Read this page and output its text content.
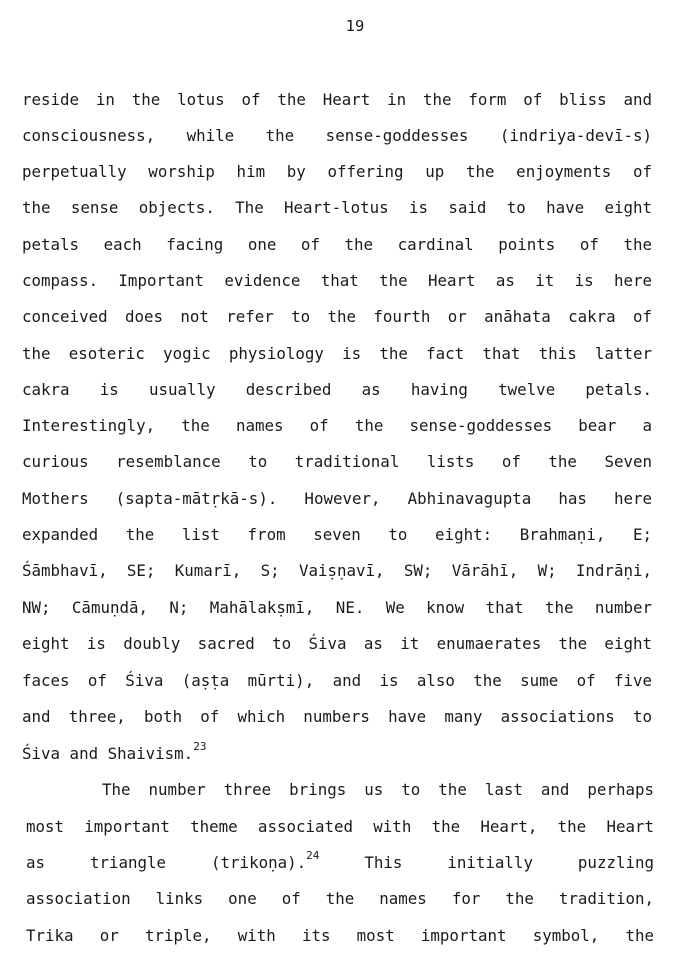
19
reside in the lotus of the Heart in the form of bliss and
consciousness, while the sense-goddesses (indriya-devī-s)
perpetually worship him by offering up the enjoyments of
the sense objects. The Heart-lotus is said to have eight
petals each facing one of the cardinal points of the
compass. Important evidence that the Heart as it is here
conceived does not refer to the fourth or anāhata cakra of
the esoteric yogic physiology is the fact that this latter
cakra is usually described as having twelve petals.
Interestingly, the names of the sense-goddesses bear a
curious resemblance to traditional lists of the Seven
Mothers (sapta-mātṛkā-s). However, Abhinavagupta has here
expanded the list from seven to eight: Brahmaṇi, E;
Śāmbhavī, SE; Kumarī, S; Vaiṣṇavī, SW; Vārāhī, W; Indrāṇi,
NW; Cāmuṇdā, N; Mahālakṣmī, NE. We know that the number
eight is doubly sacred to Śiva as it enumaerates the eight
faces of Śiva (aṣṭa mūrti), and is also the sume of five
and three, both of which numbers have many associations to
Śiva and Shaivism.$^{23}$
The number three brings us to the last and perhaps
most important theme associated with the Heart, the Heart
as triangle (trikoṇa).$^{24}$	This initially puzzling
association links one of the names for the tradition,
Trika or triple, with its most important symbol, the
